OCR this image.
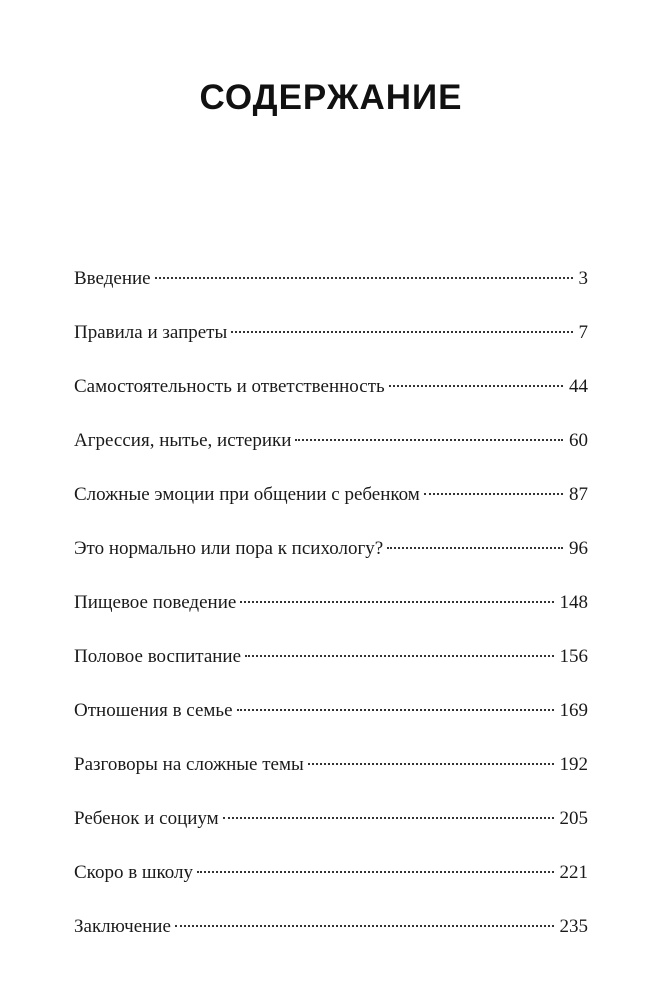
СОДЕРЖАНИЕ
Введение	3
Правила и запреты	7
Самостоятельность и ответственность	44
Агрессия, нытье, истерики	60
Сложные эмоции при общении с ребенком	87
Это нормально или пора к психологу?	96
Пищевое поведение	148
Половое воспитание	156
Отношения в семье	169
Разговоры на сложные темы	192
Ребенок и социум	205
Скоро в школу	221
Заключение	235
